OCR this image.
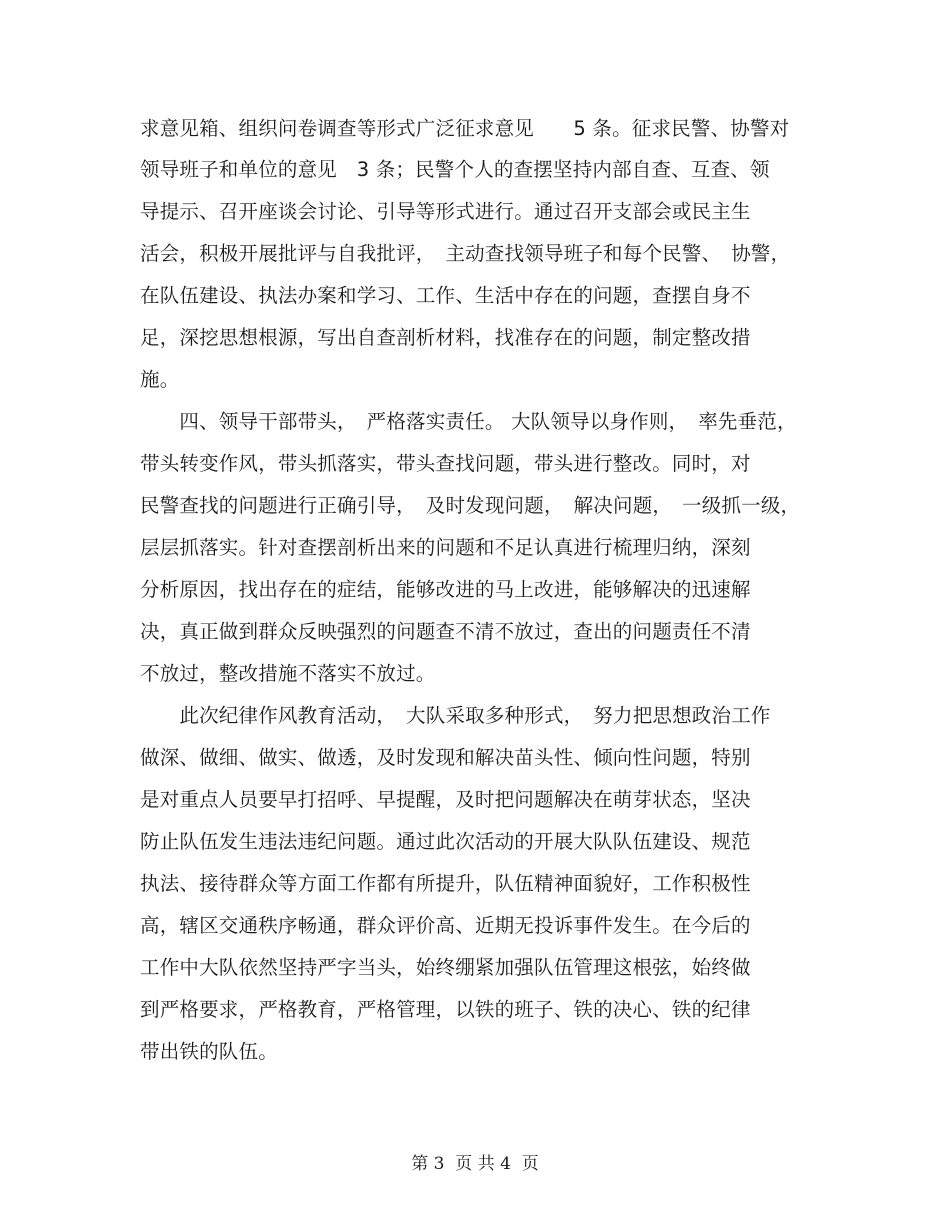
求意见箱、组织问卷调查等形式广泛征求意见　　5 条。征求民警、协警对
领导班子和单位的意见　3 条；民警个人的查摆坚持内部自查、互查、领
导提示、召开座谈会讨论、引导等形式进行。通过召开支部会或民主生
活会，积极开展批评与自我批评，　主动查找领导班子和每个民警、　协警，
在队伍建设、执法办案和学习、工作、生活中存在的问题，查摆自身不
足，深挖思想根源，写出自查剖析材料，找准存在的问题，制定整改措
施。
　　四、领导干部带头，　严格落实责任。 大队领导以身作则，　率先垂范，
带头转变作风，带头抓落实，带头查找问题，带头进行整改。同时，对
民警查找的问题进行正确引导，　及时发现问题，　解决问题，　一级抓一级，
层层抓落实。针对查摆剖析出来的问题和不足认真进行梳理归纳，深刻
分析原因，找出存在的症结，能够改进的马上改进，能够解决的迅速解
决，真正做到群众反映强烈的问题查不清不放过，查出的问题责任不清
不放过，整改措施不落实不放过。
　　此次纪律作风教育活动，　大队采取多种形式，　努力把思想政治工作
做深、做细、做实、做透，及时发现和解决苗头性、倾向性问题，特别
是对重点人员要早打招呼、早提醒，及时把问题解决在萌芽状态，坚决
防止队伍发生违法违纪问题。通过此次活动的开展大队队伍建设、规范
执法、接待群众等方面工作都有所提升，队伍精神面貌好，工作积极性
高，辖区交通秩序畅通，群众评价高、近期无投诉事件发生。在今后的
工作中大队依然坚持严字当头，始终绷紧加强队伍管理这根弦，始终做
到严格要求，严格教育，严格管理，以铁的班子、铁的决心、铁的纪律
带出铁的队伍。
第 3  页 共 4  页
